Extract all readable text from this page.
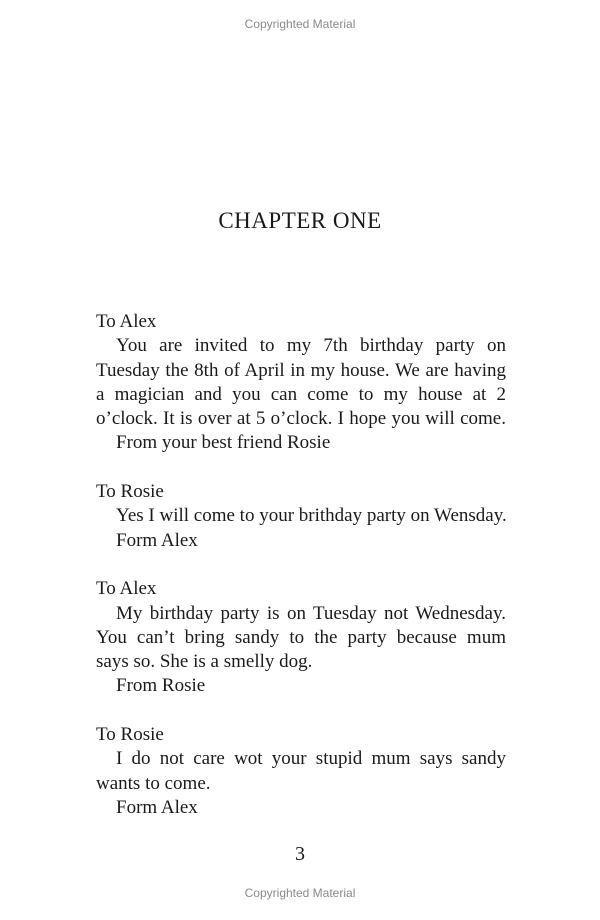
Copyrighted Material
CHAPTER ONE
To Alex
You are invited to my 7th birthday party on
Tuesday the 8th of April in my house. We are having
a magician and you can come to my house at 2
o’clock. It is over at 5 o’clock. I hope you will come.
From your best friend Rosie
To Rosie
Yes I will come to your brithday party on Wensday.
Form Alex
To Alex
My birthday party is on Tuesday not Wednesday.
You can’t bring sandy to the party because mum
says so. She is a smelly dog.
From Rosie
To Rosie
I do not care wot your stupid mum says sandy
wants to come.
Form Alex
3
Copyrighted Material
